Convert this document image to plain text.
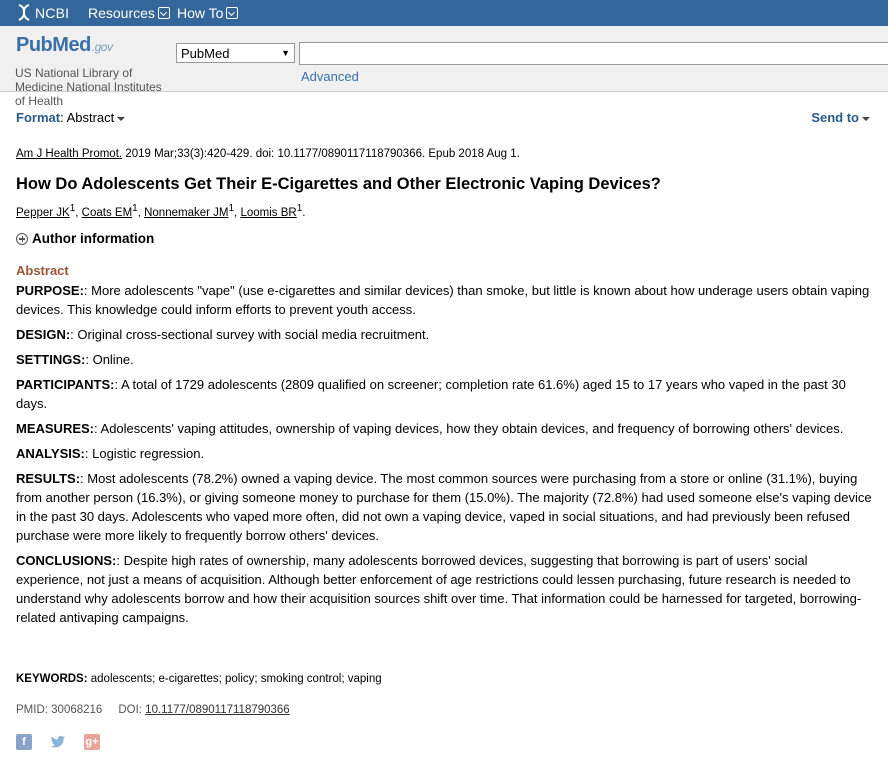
NCBI Resources How To
Pub Med .gov
US National Library of Medicine National Institutes of Health
PubMed	▼
Advanced
Format: Abstract	Send to
Am J Health Promot. 2019 Mar;33(3):420-429. doi: 10.1177/0890117118790366. Epub 2018 Aug 1.
How Do Adolescents Get Their E-Cigarettes and Other Electronic Vaping Devices?
Pepper $JK^1$, Coats $EM^1$, Nonnemaker $JM^1$, Loomis $BR^1$.
Author information
Abstract

PURPOSE:: More adolescents "vape" (use e-cigarettes and similar devices) than smoke, but little is known about how underage users obtain vaping devices. This knowledge could inform efforts to prevent youth access.

DESIGN:: Original cross-sectional survey with social media recruitment.

SETTINGS:: Online.

PARTICIPANTS:: A total of 1729 adolescents (2809 qualified on screener; completion rate 61.6%) aged 15 to 17 years who vaped in the past 30 days.

MEASURES:: Adolescents' vaping attitudes, ownership of vaping devices, how they obtain devices, and frequency of borrowing others' devices.

ANALYSIS:: Logistic regression.

RESULTS:: Most adolescents (78.2%) owned a vaping device. The most common sources were purchasing from a store or online (31.1%), buying from another person (16.3%), or giving someone money to purchase for them (15.0%). The majority (72.8%) had used someone else's vaping device in the past 30 days. Adolescents who vaped more often, did not own a vaping device, vaped in social situations, and had previously been refused purchase were more likely to frequently borrow others' devices.

CONCLUSIONS:: Despite high rates of ownership, many adolescents borrowed devices, suggesting that borrowing is part of users' social experience, not just a means of acquisition. Although better enforcement of age restrictions could lessen purchasing, future research is needed to understand why adolescents borrow and how their acquisition sources shift over time. That information could be harnessed for targeted, borrowing-related antivaping campaigns.

KEYWORDS: adolescents; e-cigarettes; policy; smoking control; vaping
PMID: 30068216 DOI: 10.1177/0890117118790366
f	g+
